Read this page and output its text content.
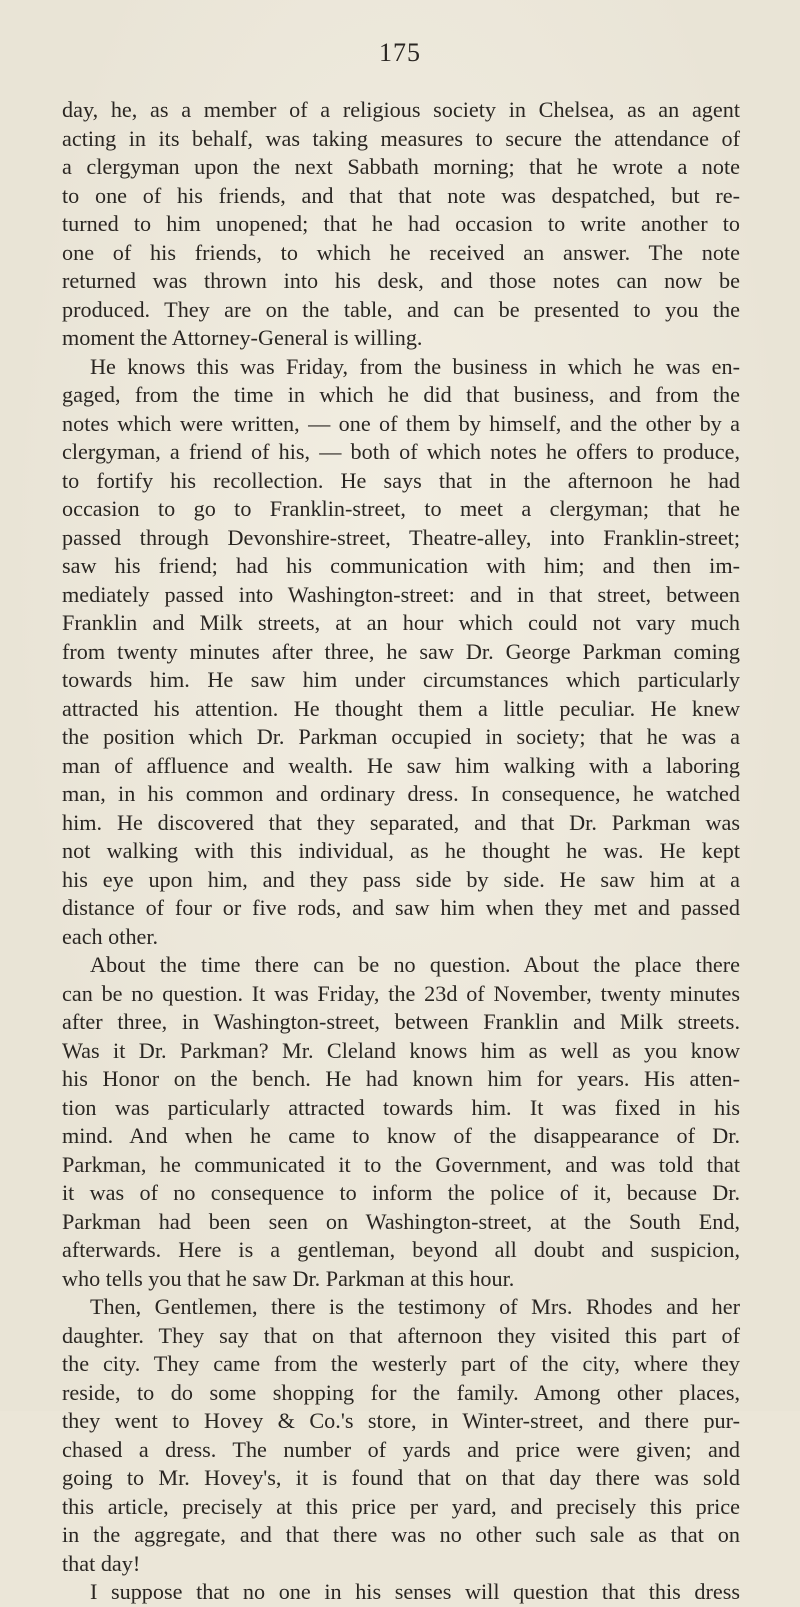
175
day, he, as a member of a religious society in Chelsea, as an agent
acting in its behalf, was taking measures to secure the attendance of
a clergyman upon the next Sabbath morning; that he wrote a note
to one of his friends, and that that note was despatched, but re-
turned to him unopened; that he had occasion to write another to
one of his friends, to which he received an answer. The note
returned was thrown into his desk, and those notes can now be
produced. They are on the table, and can be presented to you the
moment the Attorney-General is willing.
He knows this was Friday, from the business in which he was en-
gaged, from the time in which he did that business, and from the
notes which were written, — one of them by himself, and the other by a
clergyman, a friend of his, — both of which notes he offers to produce,
to fortify his recollection. He says that in the afternoon he had
occasion to go to Franklin-street, to meet a clergyman; that he
passed through Devonshire-street, Theatre-alley, into Franklin-street;
saw his friend; had his communication with him; and then im-
mediately passed into Washington-street: and in that street, between
Franklin and Milk streets, at an hour which could not vary much
from twenty minutes after three, he saw Dr. George Parkman coming
towards him. He saw him under circumstances which particularly
attracted his attention. He thought them a little peculiar. He knew
the position which Dr. Parkman occupied in society; that he was a
man of affluence and wealth. He saw him walking with a laboring
man, in his common and ordinary dress. In consequence, he watched
him. He discovered that they separated, and that Dr. Parkman was
not walking with this individual, as he thought he was. He kept
his eye upon him, and they pass side by side. He saw him at a
distance of four or five rods, and saw him when they met and passed
each other.
About the time there can be no question. About the place there
can be no question. It was Friday, the 23d of November, twenty minutes
after three, in Washington-street, between Franklin and Milk streets.
Was it Dr. Parkman? Mr. Cleland knows him as well as you know
his Honor on the bench. He had known him for years. His atten-
tion was particularly attracted towards him. It was fixed in his
mind. And when he came to know of the disappearance of Dr.
Parkman, he communicated it to the Government, and was told that
it was of no consequence to inform the police of it, because Dr.
Parkman had been seen on Washington-street, at the South End,
afterwards. Here is a gentleman, beyond all doubt and suspicion,
who tells you that he saw Dr. Parkman at this hour.
Then, Gentlemen, there is the testimony of Mrs. Rhodes and her
daughter. They say that on that afternoon they visited this part of
the city. They came from the westerly part of the city, where they
reside, to do some shopping for the family. Among other places,
they went to Hovey & Co.'s store, in Winter-street, and there pur-
chased a dress. The number of yards and price were given; and
going to Mr. Hovey's, it is found that on that day there was sold
this article, precisely at this price per yard, and precisely this price
in the aggregate, and that there was no other such sale as that on
that day!
I suppose that no one in his senses will question that this dress
